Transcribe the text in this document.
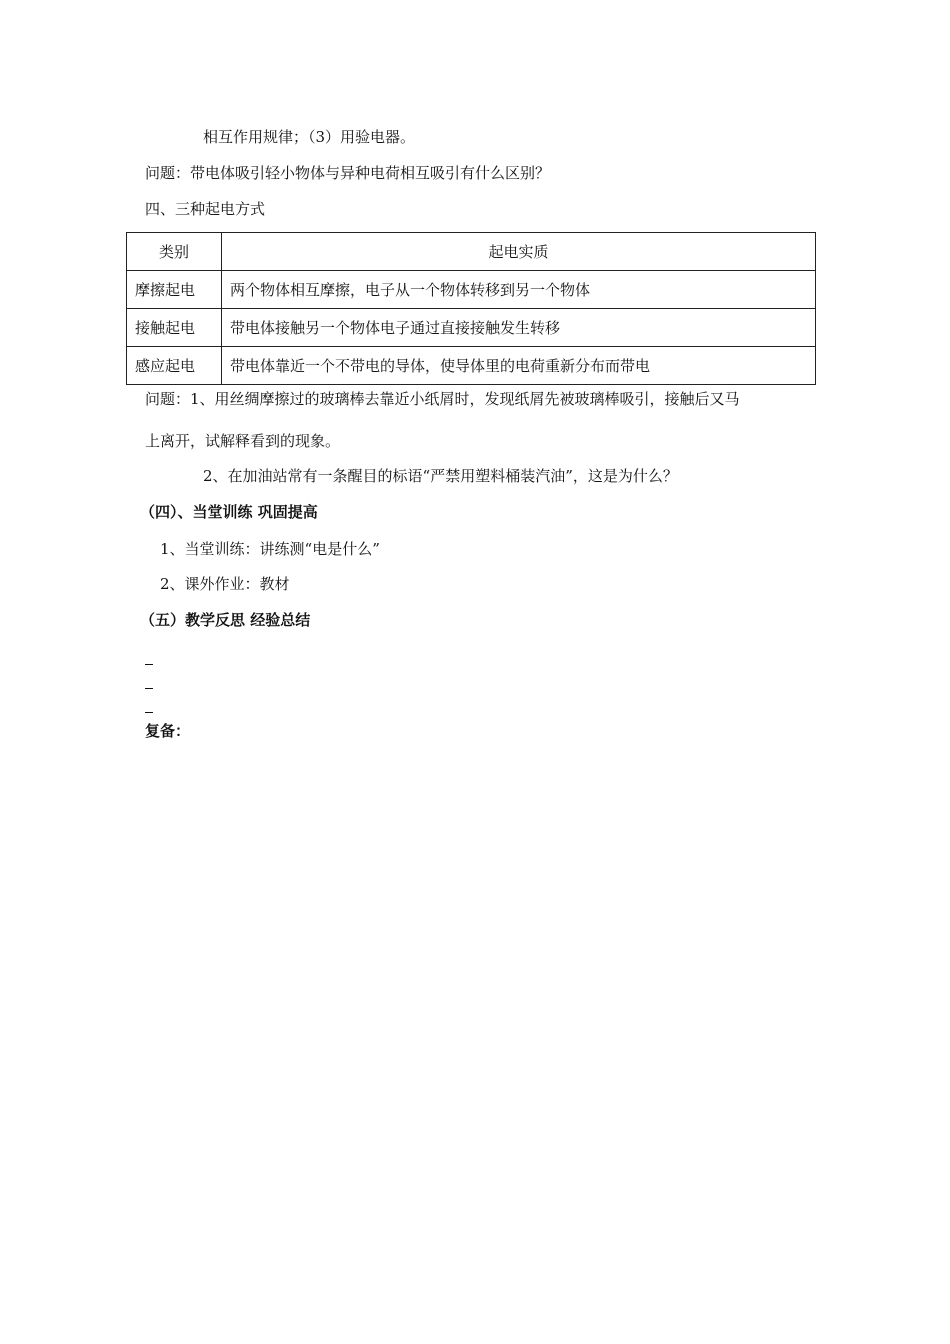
相互作用规律；（3）用验电器。
问题：带电体吸引轻小物体与异种电荷相互吸引有什么区别？
四、三种起电方式
类别	起电实质
摩擦起电	两个物体相互摩擦，电子从一个物体转移到另一个物体
接触起电	带电体接触另一个物体电子通过直接接触发生转移
感应起电	带电体靠近一个不带电的导体，使导体里的电荷重新分布而带电
问题：1、用丝绸摩擦过的玻璃棒去靠近小纸屑时，发现纸屑先被玻璃棒吸引，接触后又马
上离开，试解释看到的现象。
2、在加油站常有一条醒目的标语“严禁用塑料桶装汽油”，这是为什么？
（四）、当堂训练 巩固提高
1、当堂训练：讲练测“电是什么”
2、课外作业：教材
（五）教学反思 经验总结
复备：
